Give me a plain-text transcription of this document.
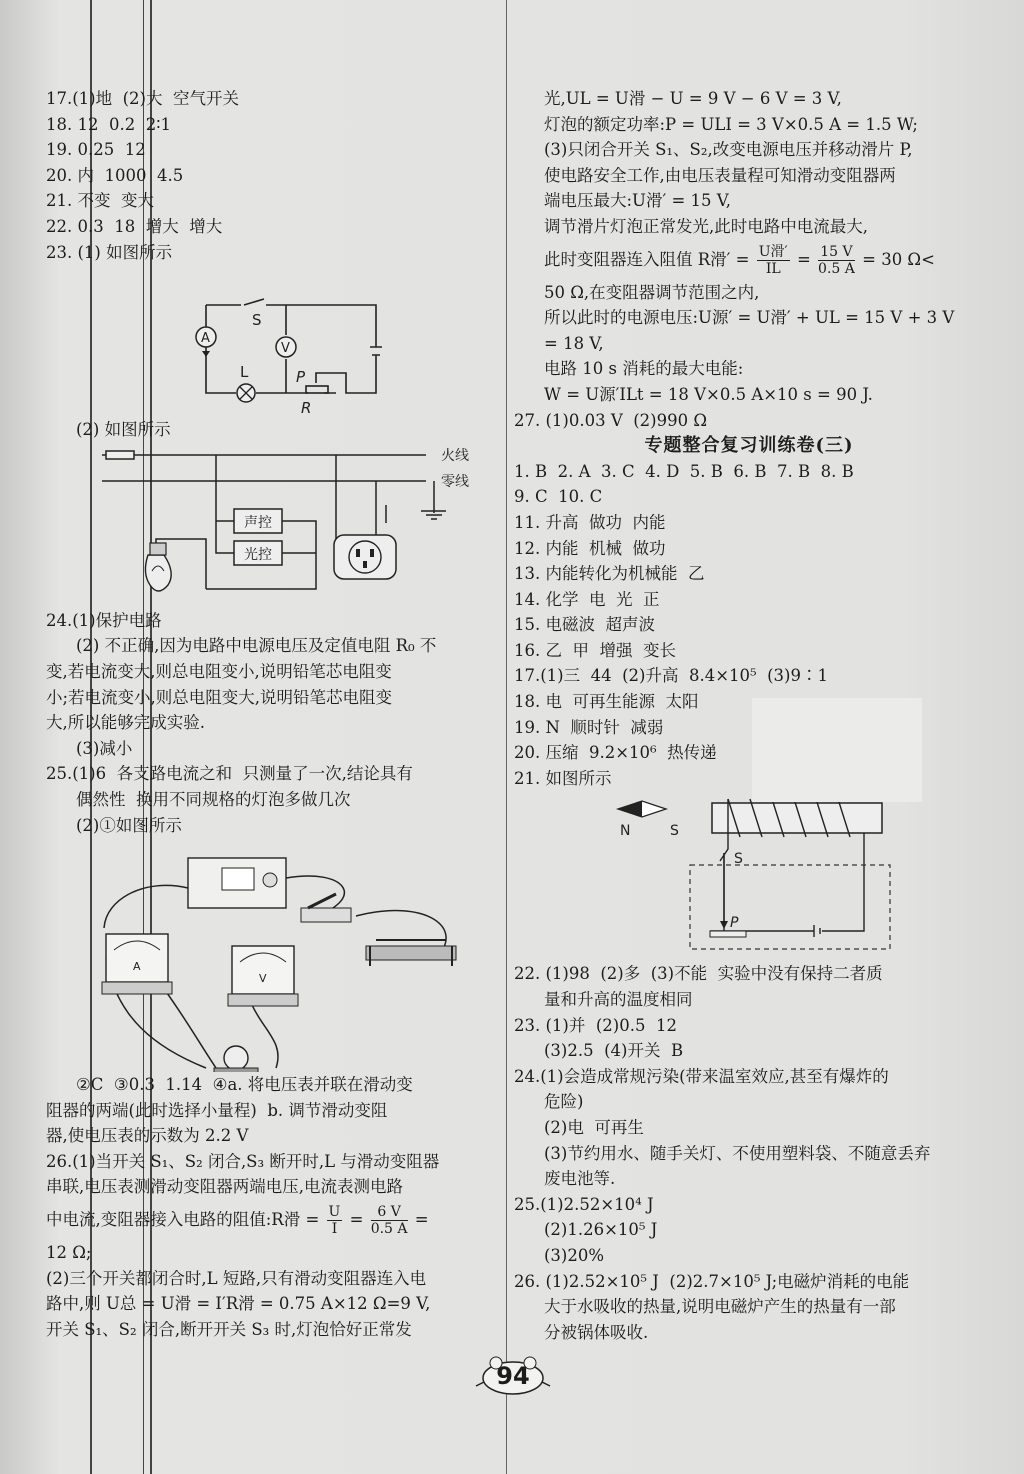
17.(1)地  (2)大  空气开关

18. 12  0.2  2∶1

19. 0.25  12

20. 内  1000  4.5

21. 不变  变大

22. 0.3  18  增大  增大

23. (1) 如图所示

A
V
S
L	P
R

(2) 如图所示

火线
零线
声控
光控

24.(1)保护电路

(2) 不正确,因为电路中电源电压及定值电阻 R₀ 不

变,若电流变大,则总电阻变小,说明铅笔芯电阻变

小;若电流变小,则总电阻变大,说明铅笔芯电阻变

大,所以能够完成实验.

(3)减小

25.(1)6  各支路电流之和  只测量了一次,结论具有

偶然性  换用不同规格的灯泡多做几次

(2)①如图所示

A
V

②C  ③0.3  1.14  ④a. 将电压表并联在滑动变

阻器的两端(此时选择小量程)  b. 调节滑动变阻

器,使电压表的示数为 2.2 V

26.(1)当开关 S₁、S₂ 闭合,S₃ 断开时,L 与滑动变阻器

串联,电压表测滑动变阻器两端电压,电流表测电路

中电流,变阻器接入电路的阻值:R滑 = $\frac{U}{I} = \frac{6 V}{0.5 A}$ =

12 Ω;

(2)三个开关都闭合时,L 短路,只有滑动变阻器连入电

路中,则 U总 = U滑 = I′R滑 = 0.75 A×12 Ω=9 V,

开关 S₁、S₂ 闭合,断开开关 S₃ 时,灯泡恰好正常发

光,UL = U滑 − U = 9 V − 6 V = 3 V,

灯泡的额定功率:P = ULI = 3 V×0.5 A = 1.5 W;

(3)只闭合开关 S₁、S₂,改变电源电压并移动滑片 P,

使电路安全工作,由电压表量程可知滑动变阻器两

端电压最大:U滑′ = 15 V,

调节滑片灯泡正常发光,此时电路中电流最大,

此时变阻器连入阻值 R滑′ = $\frac{\text{U滑′}}{IL} = \frac{15 V}{0.5 A} = 30$ Ω<

50 Ω,在变阻器调节范围之内,

所以此时的电源电压:U源′ = U滑′ + UL = 15 V + 3 V

= 18 V,

电路 10 s 消耗的最大电能:

W = U源′ILt = 18 V×0.5 A×10 s = 90 J.

27. (1)0.03 V  (2)990 Ω

专题整合复习训练卷(三)

1. B  2. A  3. C  4. D  5. B  6. B  7. B  8. B

9. C  10. C

11. 升高  做功  内能

12. 内能  机械  做功

13. 内能转化为机械能  乙

14. 化学  电  光  正

15. 电磁波  超声波

16. 乙  甲  增强  变长

17.(1)三  44  (2)升高  8.4×10⁵  (3)9∶1

18. 电  可再生能源  太阳

19. N  顺时针  减弱

20. 压缩  9.2×10⁶  热传递

21. 如图所示

N	S
S
P

22. (1)98  (2)多  (3)不能  实验中没有保持二者质

量和升高的温度相同

23. (1)并  (2)0.5  12

(3)2.5  (4)开关  B

24.(1)会造成常规污染(带来温室效应,甚至有爆炸的

危险)

(2)电  可再生

(3)节约用水、随手关灯、不使用塑料袋、不随意丢弃

废电池等.

25.(1)2.52×10⁴ J

(2)1.26×10⁵ J

(3)20%

26. (1)2.52×10⁵ J  (2)2.7×10⁵ J;电磁炉消耗的电能

大于水吸收的热量,说明电磁炉产生的热量有一部

分被锅体吸收.

94
